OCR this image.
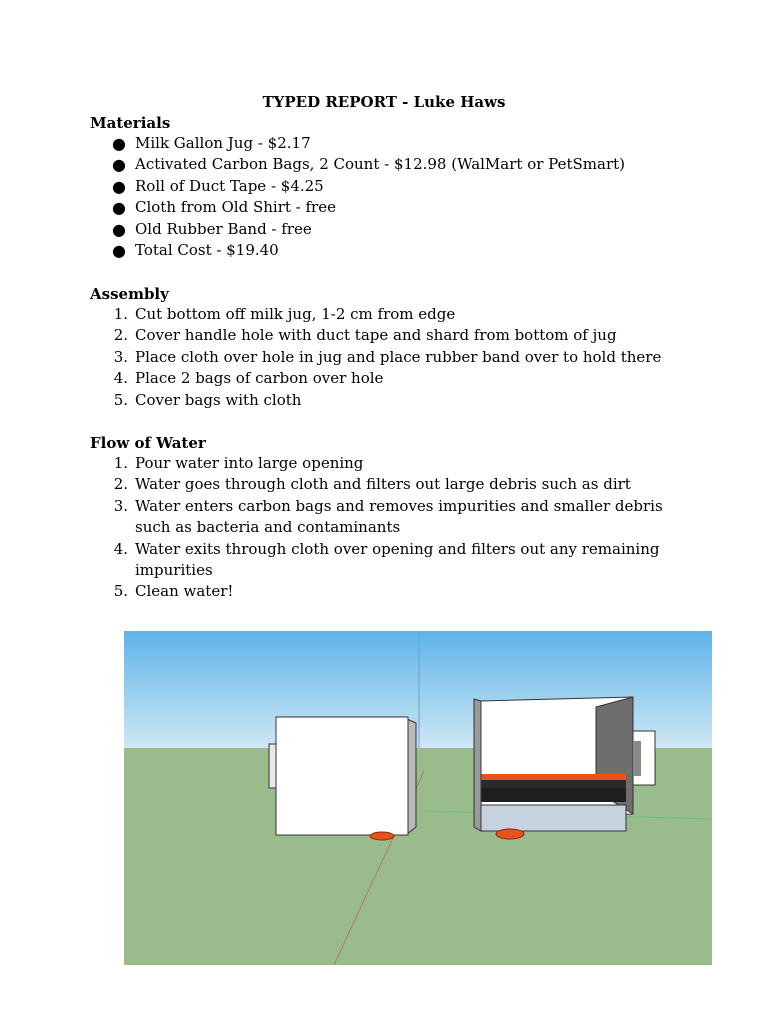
TYPED REPORT - Luke Haws
Materials
● Milk Gallon Jug - $2.17
● Activated Carbon Bags, 2 Count - $12.98 (WalMart or PetSmart)
● Roll of Duct Tape - $4.25
● Cloth from Old Shirt - free
● Old Rubber Band - free
● Total Cost - $19.40
Assembly
1. Cut bottom off milk jug, 1-2 cm from edge
2. Cover handle hole with duct tape and shard from bottom of jug
3. Place cloth over hole in jug and place rubber band over to hold there
4. Place 2 bags of carbon over hole
5. Cover bags with cloth
Flow of Water
1. Pour water into large opening
2. Water goes through cloth and filters out large debris such as dirt
3. Water enters carbon bags and removes impurities and smaller debris such as bacteria and contaminants
4. Water exits through cloth over opening and filters out any remaining impurities
5. Clean water!
